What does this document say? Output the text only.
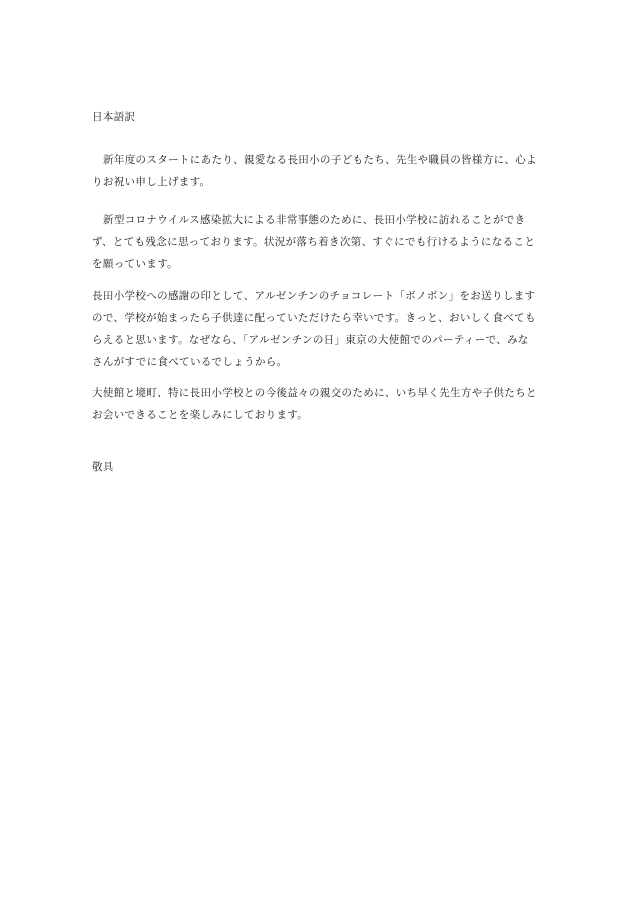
日本語訳
新年度のスタートにあたり、親愛なる長田小の子どもたち、先生や職員の皆様方に、心よ
りお祝い申し上げます。
新型コロナウイルス感染拡大による非常事態のために、長田小学校に訪れることができ
ず、とても残念に思っております。状況が落ち着き次第、すぐにでも行けるようになること
を願っています。
長田小学校への感謝の印として、アルゼンチンのチョコレート「ボノボン」をお送りします
ので、学校が始まったら子供達に配っていただけたら幸いです。きっと、おいしく食べても
らえると思います。なぜなら、「アルゼンチンの日」東京の大使館でのパーティーで、みな
さんがすでに食べているでしょうから。
大使館と境町、特に長田小学校との今後益々の親交のために、いち早く先生方や子供たちと
お会いできることを楽しみにしております。
敬具
